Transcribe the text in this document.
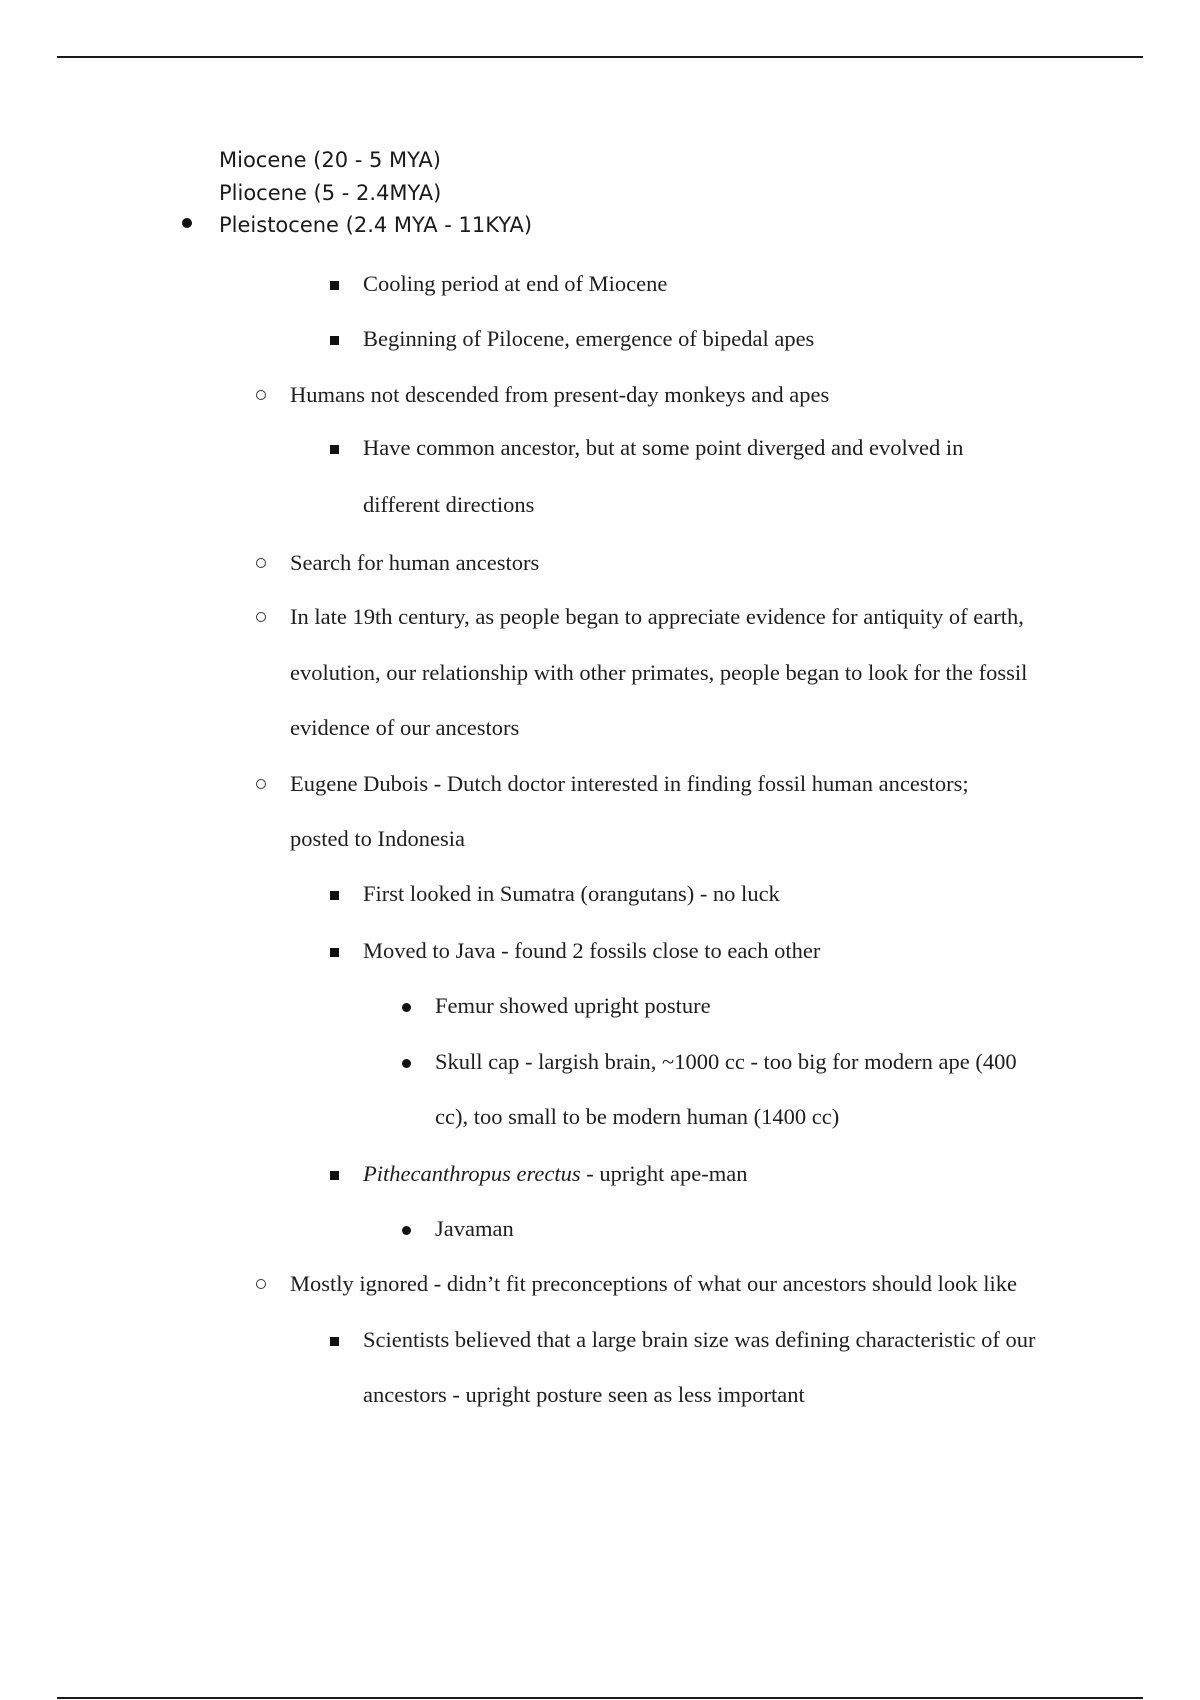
Miocene (20 - 5 MYA)
Pliocene (5 - 2.4MYA)
Pleistocene (2.4 MYA - 11KYA)
Cooling period at end of Miocene
Beginning of Pilocene, emergence of bipedal apes
Humans not descended from present-day monkeys and apes
Have common ancestor, but at some point diverged and evolved in
different directions
Search for human ancestors
In late 19th century, as people began to appreciate evidence for antiquity of earth,
evolution, our relationship with other primates, people began to look for the fossil
evidence of our ancestors
Eugene Dubois - Dutch doctor interested in finding fossil human ancestors;
posted to Indonesia
First looked in Sumatra (orangutans) - no luck
Moved to Java - found 2 fossils close to each other
Femur showed upright posture
Skull cap - largish brain, ~1000 cc - too big for modern ape (400
cc), too small to be modern human (1400 cc)
Pithecanthropus erectus - upright ape-man
Javaman
Mostly ignored - didn’t fit preconceptions of what our ancestors should look like
Scientists believed that a large brain size was defining characteristic of our
ancestors - upright posture seen as less important
